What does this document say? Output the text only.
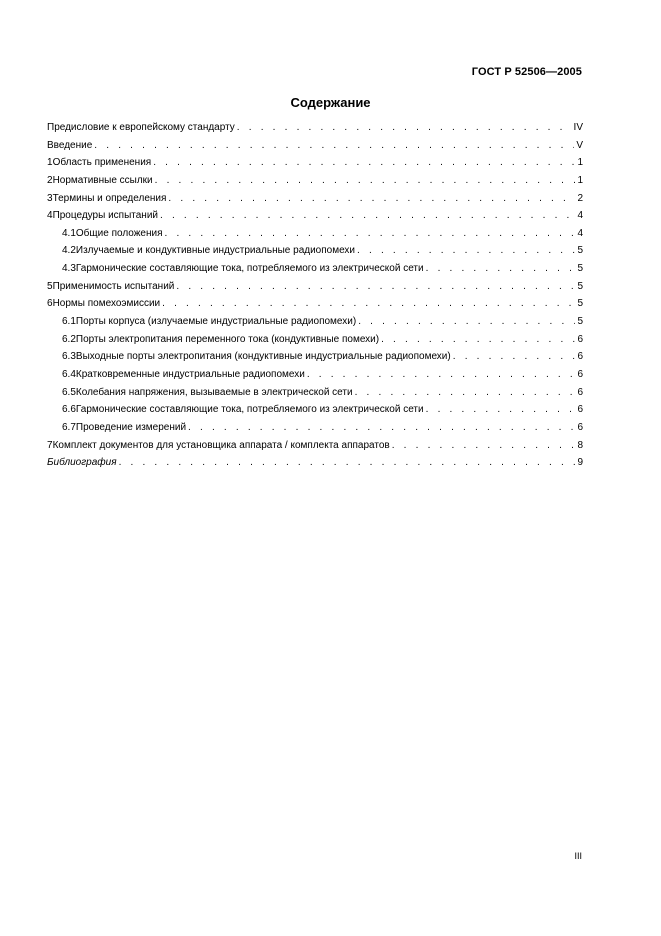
ГОСТ Р 52506—2005
Содержание
Предисловие к европейскому стандарту . . .	IV
Введение . . .	V
1 Область применения . . .	1
2 Нормативные ссылки . . .	1
3 Термины и определения . . .	2
4 Процедуры испытаний . . .	4
4.1 Общие положения . . .	4
4.2 Излучаемые и кондуктивные индустриальные радиопомехи . . .	5
4.3 Гармонические составляющие тока, потребляемого из электрической сети . . .	5
5 Применимость испытаний . . .	5
6 Нормы помехоэмиссии . . .	5
6.1 Порты корпуса (излучаемые индустриальные радиопомехи) . . .	5
6.2 Порты электропитания переменного тока (кондуктивные помехи) . . .	6
6.3 Выходные порты электропитания (кондуктивные индустриальные радиопомехи) . . .	6
6.4 Кратковременные индустриальные радиопомехи . . .	6
6.5 Колебания напряжения, вызываемые в электрической сети . . .	6
6.6 Гармонические составляющие тока, потребляемого из электрической сети . . .	6
6.7 Проведение измерений . . .	6
7 Комплект документов для установщика аппарата / комплекта аппаратов . . .	8
Библиография . . .	9
III
